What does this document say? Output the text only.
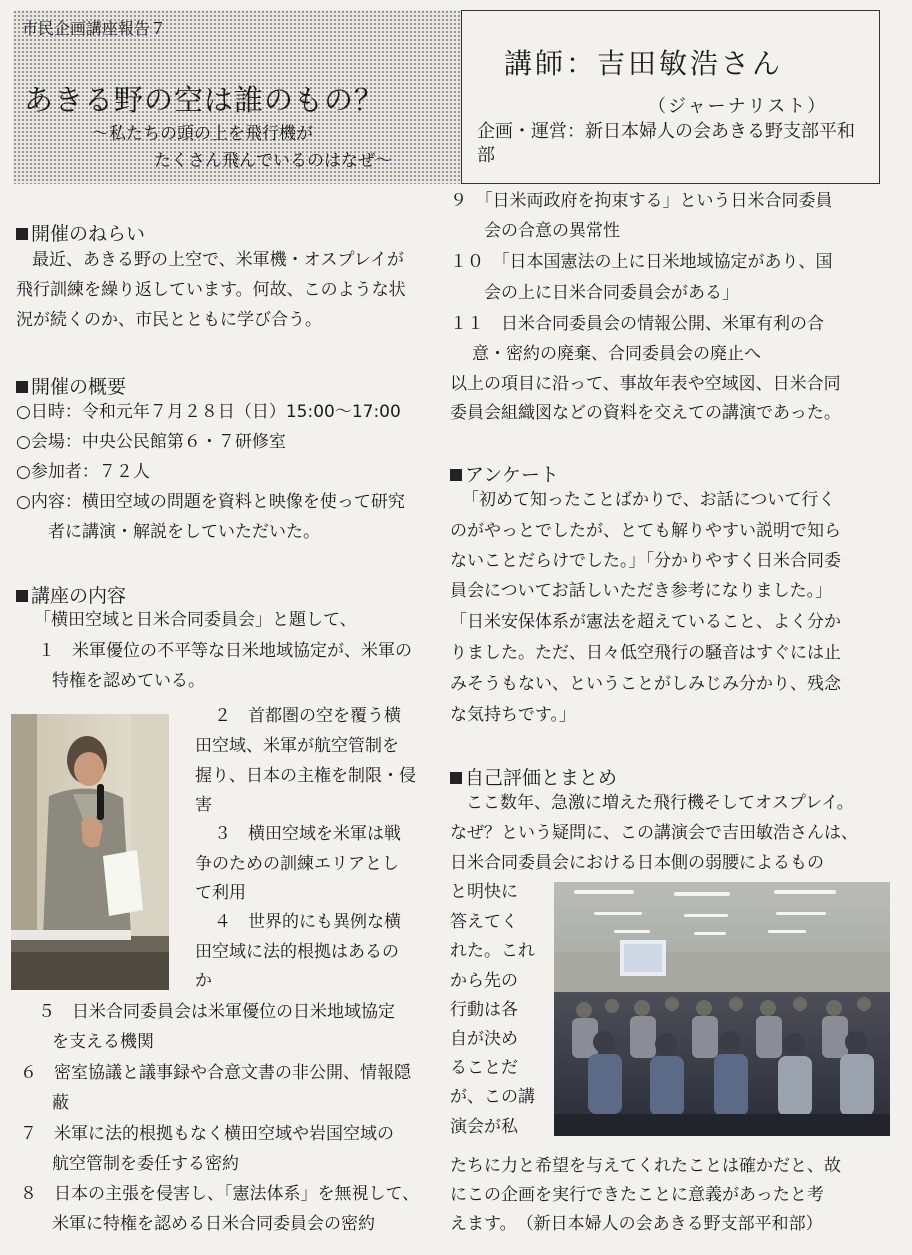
市民企画講座報告７
あきる野の空は誰のもの？
～私たちの頭の上を飛行機が
たくさん飛んでいるのはなぜ～
講師：吉田敏浩さん
（ジャーナリスト）
企画・運営：新日本婦人の会あきる野支部平和部
開催のねらい
最近、あきる野の上空で、米軍機・オスプレイが
飛行訓練を繰り返しています。何故、このような状
況が続くのか、市民とともに学び合う。
開催の概要
○日時：令和元年７月２８日（日）15:00～17:00
○会場：中央公民館第６・７研修室
○参加者：７２人
○内容：横田空域の問題を資料と映像を使って研究
者に講演・解説をしていただいた。
講座の内容
「横田空域と日米合同委員会」と題して、
１　米軍優位の不平等な日米地域協定が、米軍の
特権を認めている。
２　首都圏の空を覆う横
田空域、米軍が航空管制を
握り、日本の主権を制限・侵
害
３　横田空域を米軍は戦
争のための訓練エリアとし
て利用
４　世界的にも異例な横
田空域に法的根拠はあるの
か
５　日米合同委員会は米軍優位の日米地域協定
を支える機関
６　密室協議と議事録や合意文書の非公開、情報隠
蔽
７　米軍に法的根拠もなく横田空域や岩国空域の
航空管制を委任する密約
８　日本の主張を侵害し、「憲法体系」を無視して、
米軍に特権を認める日米合同委員会の密約
９　「日米両政府を拘束する」という日米合同委員
会の合意の異常性
１０　「日本国憲法の上に日米地域協定があり、国
会の上に日米合同委員会がある」
１１　日米合同委員会の情報公開、米軍有利の合
意・密約の廃棄、合同委員会の廃止へ
以上の項目に沿って、事故年表や空域図、日米合同
委員会組織図などの資料を交えての講演であった。
アンケート
「初めて知ったことばかりで、お話について行く
のがやっとでしたが、とても解りやすい説明で知ら
ないことだらけでした。」「分かりやすく日米合同委
員会についてお話しいただき参考になりました。」
「日米安保体系が憲法を超えていること、よく分か
りました。ただ、日々低空飛行の騒音はすぐには止
みそうもない、ということがしみじみ分かり、残念
な気持ちです。」
自己評価とまとめ
ここ数年、急激に増えた飛行機そしてオスプレイ。
なぜ？という疑問に、この講演会で吉田敏浩さんは、
日米合同委員会における日本側の弱腰によるもの
と明快に
答えてく
れた。これ
から先の
行動は各
自が決め
ることだ
が、この講
演会が私
たちに力と希望を与えてくれたことは確かだと、故
にこの企画を実行できたことに意義があったと考
えます。　（新日本婦人の会あきる野支部平和部）
